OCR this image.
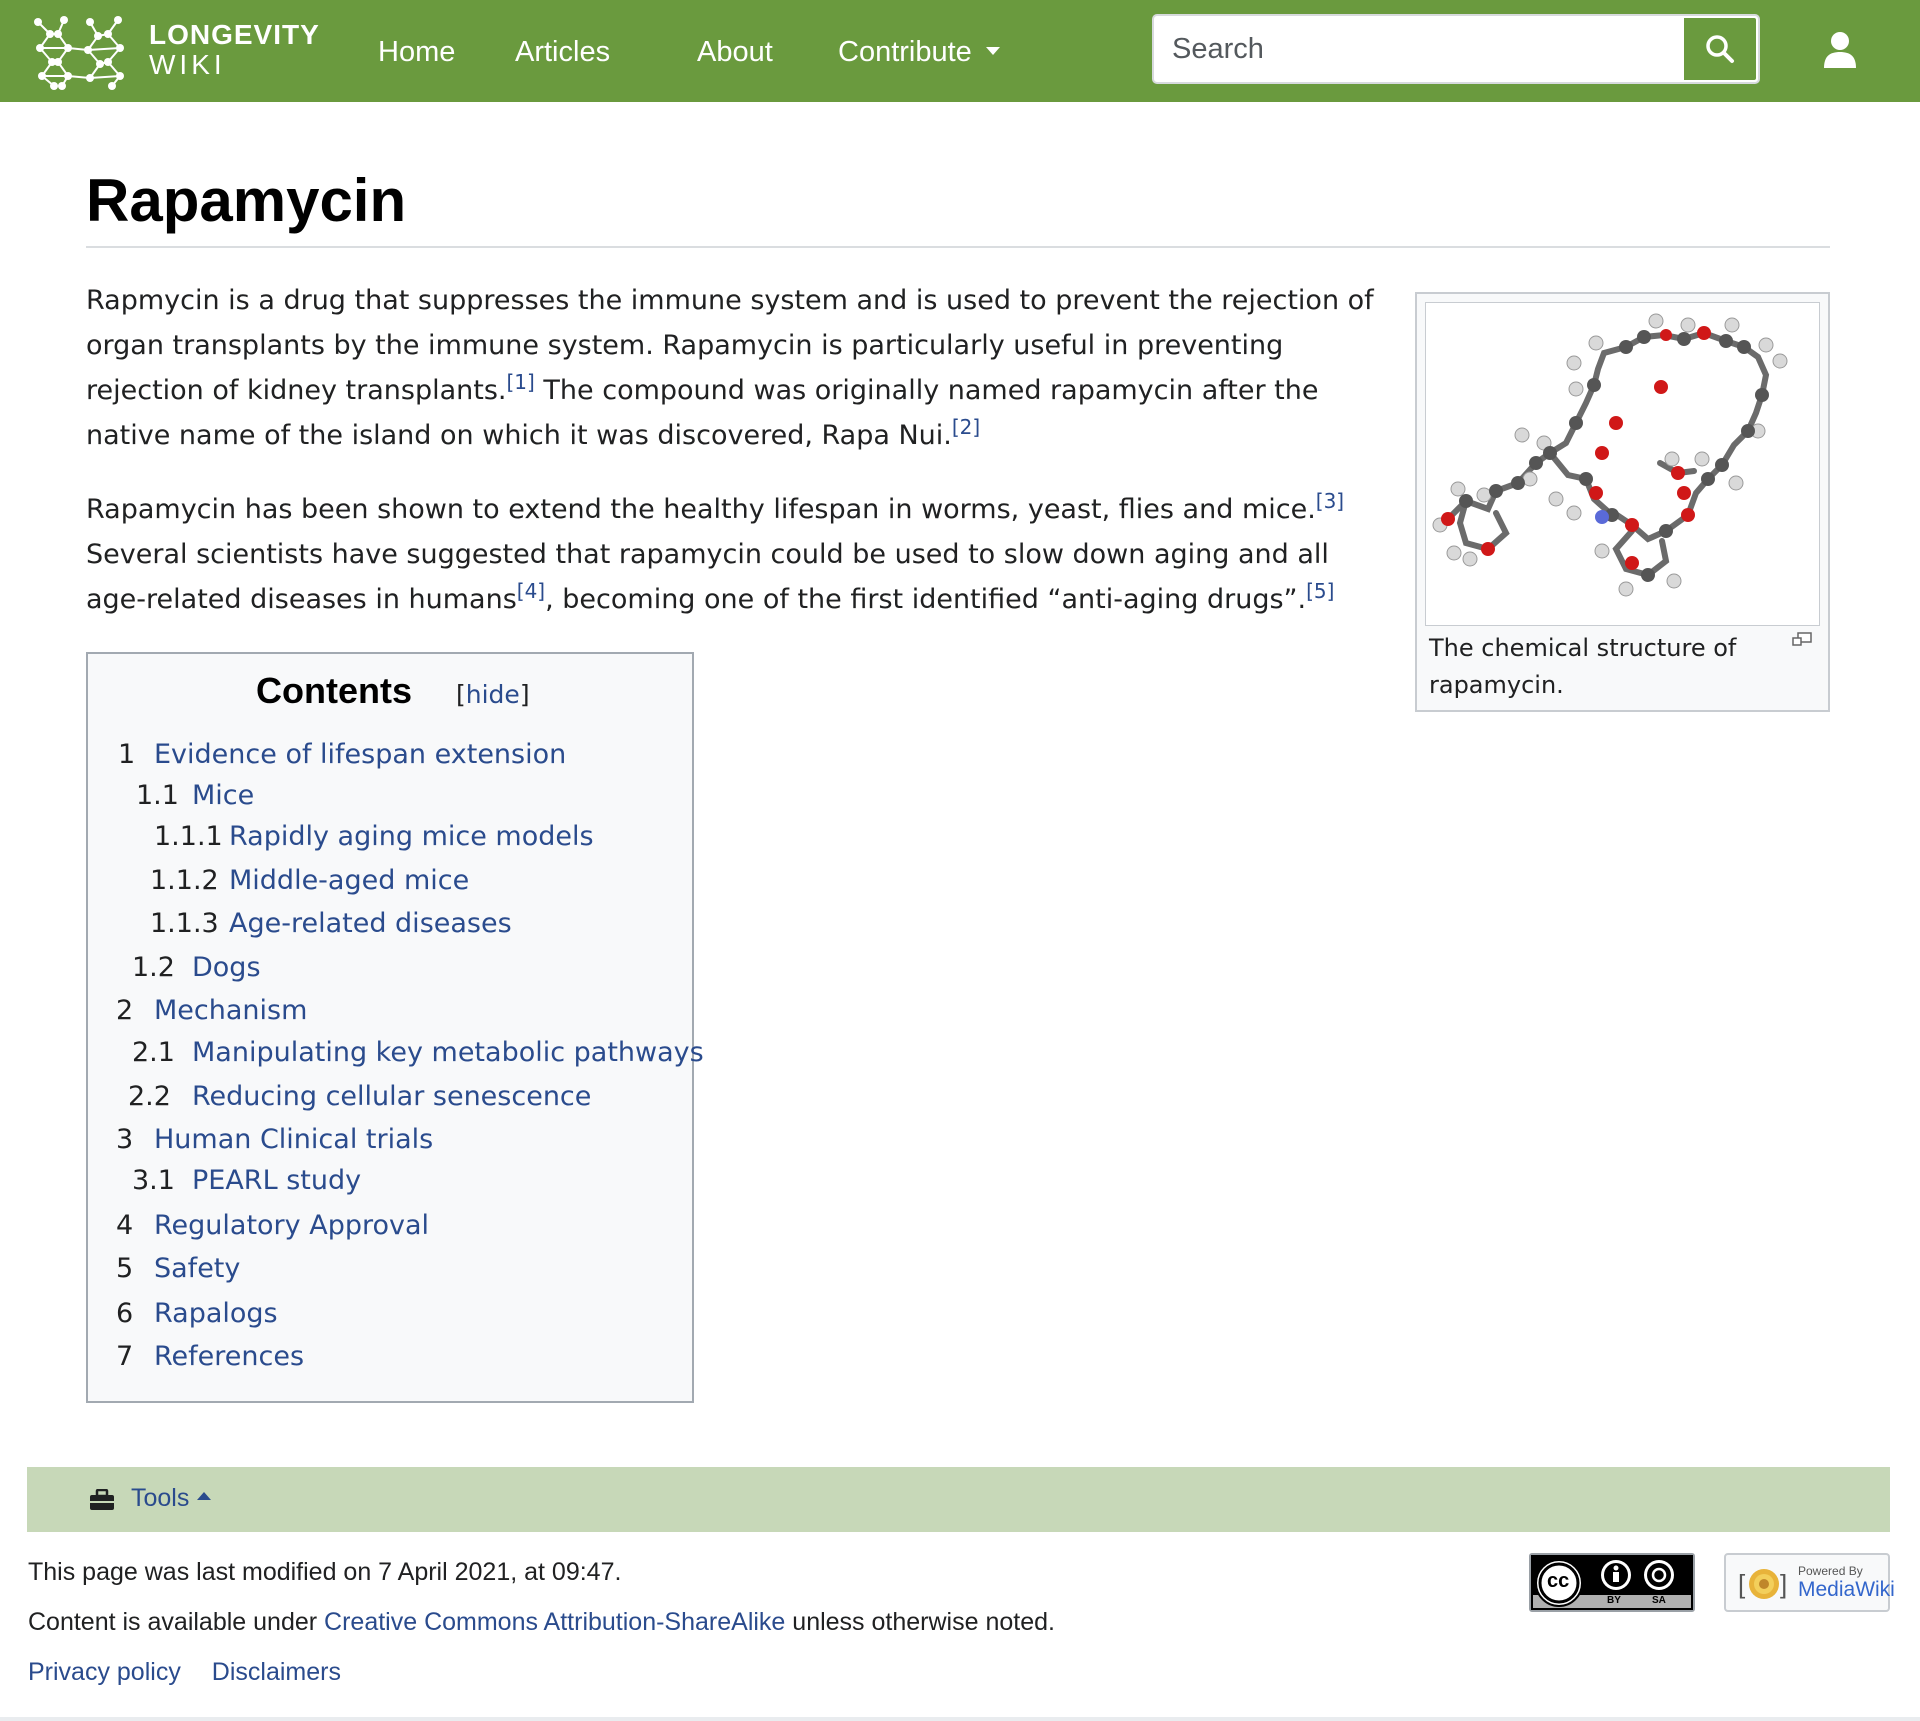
LONGEVITY
WIKI	Home Articles	About Contribute
Search
Rapamycin

Rapmycin is a drug that suppresses the immune system and is used to prevent the rejection of organ transplants by the immune system. Rapamycin is particularly useful in preventing rejection of kidney transplants.[1] The compound was originally named rapamycin after the native name of the island on which it was discovered, Rapa Nui.[2]

Rapamycin has been shown to extend the healthy lifespan in worms, yeast, flies and mice.[3] Several scientists have suggested that rapamycin could be used to slow down aging and all age-related diseases in humans[4], becoming one of the first identified “anti-aging drugs”.[5]

The chemical structure of rapamycin.
Contents [hide]
1 Evidence of lifespan extension
1.1 Mice
1.1.1 Rapidly aging mice models
1.1.2 Middle-aged mice
1.1.3 Age-related diseases
1.2 Dogs
2 Mechanism
2.1 Manipulating key metabolic pathways
2.2 Reducing cellular senescence
3 Human Clinical trials
3.1 PEARL study
4 Regulatory Approval
5 Safety
6 Rapalogs
7 References
Tools
This page was last modified on 7 April 2021, at 09:47.
Content is available under Creative Commons Attribution-ShareAlike unless otherwise noted.
Privacy policy Disclaimers
cc
BY	SA
[ ] Powered By
MediaWiki
